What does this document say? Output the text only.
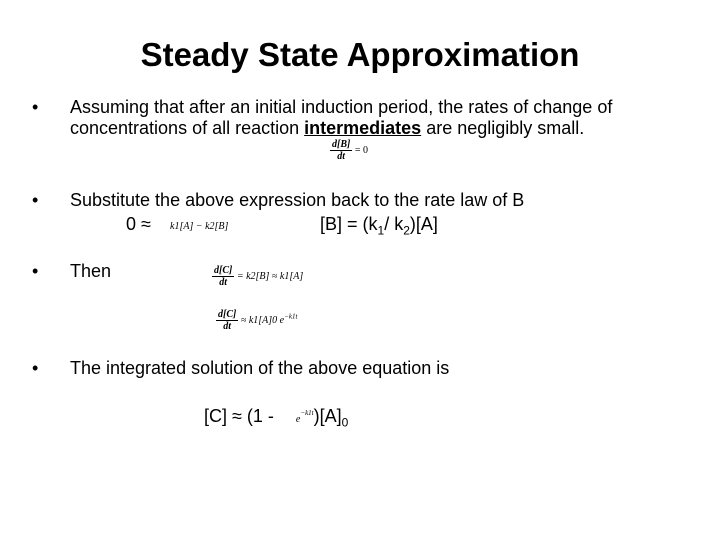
Steady State Approximation
• Assuming that after an initial induction period, the rates of change of
concentrations of all reaction intermediates are negligibly small.
$\frac{d[B]}{dt} = 0$
• Substitute the above expression back to the rate law of B
0 ≈ k1[A] − k2[B]	$[B] = (k_1/$ $k_2)[A]$
• Then	$\frac{d[C]}{dt} = k2[B] \approx k1[A]$
$\frac{d[C]}{dt} \approx k1[A]0$ $e^{-k1t}$
• The integrated solution of the above equation is
$[C] \approx (1 - e^{-k1t})[A]_0$
